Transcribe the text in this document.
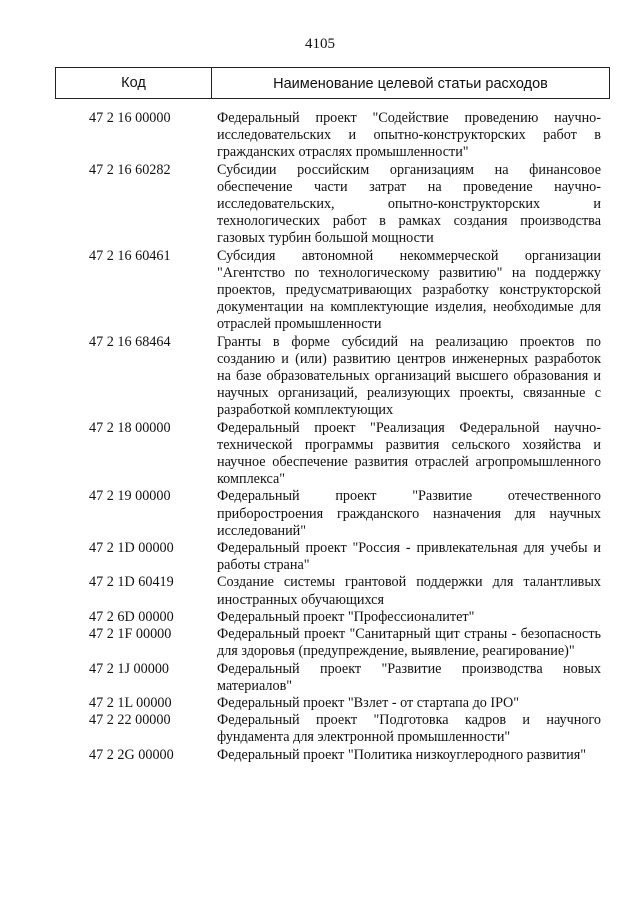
4105
Код	Наименование целевой статьи расходов
47 2 16 00000	Федеральный проект "Содействие проведению научно-исследовательских и опытно-конструкторских работ в гражданских отраслях промышленности"
47 2 16 60282	Субсидии российским организациям на финансовое обеспечение части затрат на проведение научно-исследовательских, опытно-конструкторских и технологических работ в рамках создания производства газовых турбин большой мощности
47 2 16 60461	Субсидия автономной некоммерческой организации "Агентство по технологическому развитию" на поддержку проектов, предусматривающих разработку конструкторской документации на комплектующие изделия, необходимые для отраслей промышленности
47 2 16 68464	Гранты в форме субсидий на реализацию проектов по созданию и (или) развитию центров инженерных разработок на базе образовательных организаций высшего образования и научных организаций, реализующих проекты, связанные с разработкой комплектующих
47 2 18 00000	Федеральный проект "Реализация Федеральной научно-технической программы развития сельского хозяйства и научное обеспечение развития отраслей агропромышленного комплекса"
47 2 19 00000	Федеральный проект "Развитие отечественного приборостроения гражданского назначения для научных исследований"
47 2 1D 00000	Федеральный проект "Россия - привлекательная для учебы и работы страна"
47 2 1D 60419	Создание системы грантовой поддержки для талантливых иностранных обучающихся
47 2 6D 00000	Федеральный проект "Профессионалитет"
47 2 1F 00000	Федеральный проект "Санитарный щит страны - безопасность для здоровья (предупреждение, выявление, реагирование)"
47 2 1J 00000	Федеральный проект "Развитие производства новых материалов"
47 2 1L 00000	Федеральный проект "Взлет - от стартапа до IPO"
47 2 22 00000	Федеральный проект "Подготовка кадров и научного фундамента для электронной промышленности"
47 2 2G 00000	Федеральный проект "Политика низкоуглеродного развития"
